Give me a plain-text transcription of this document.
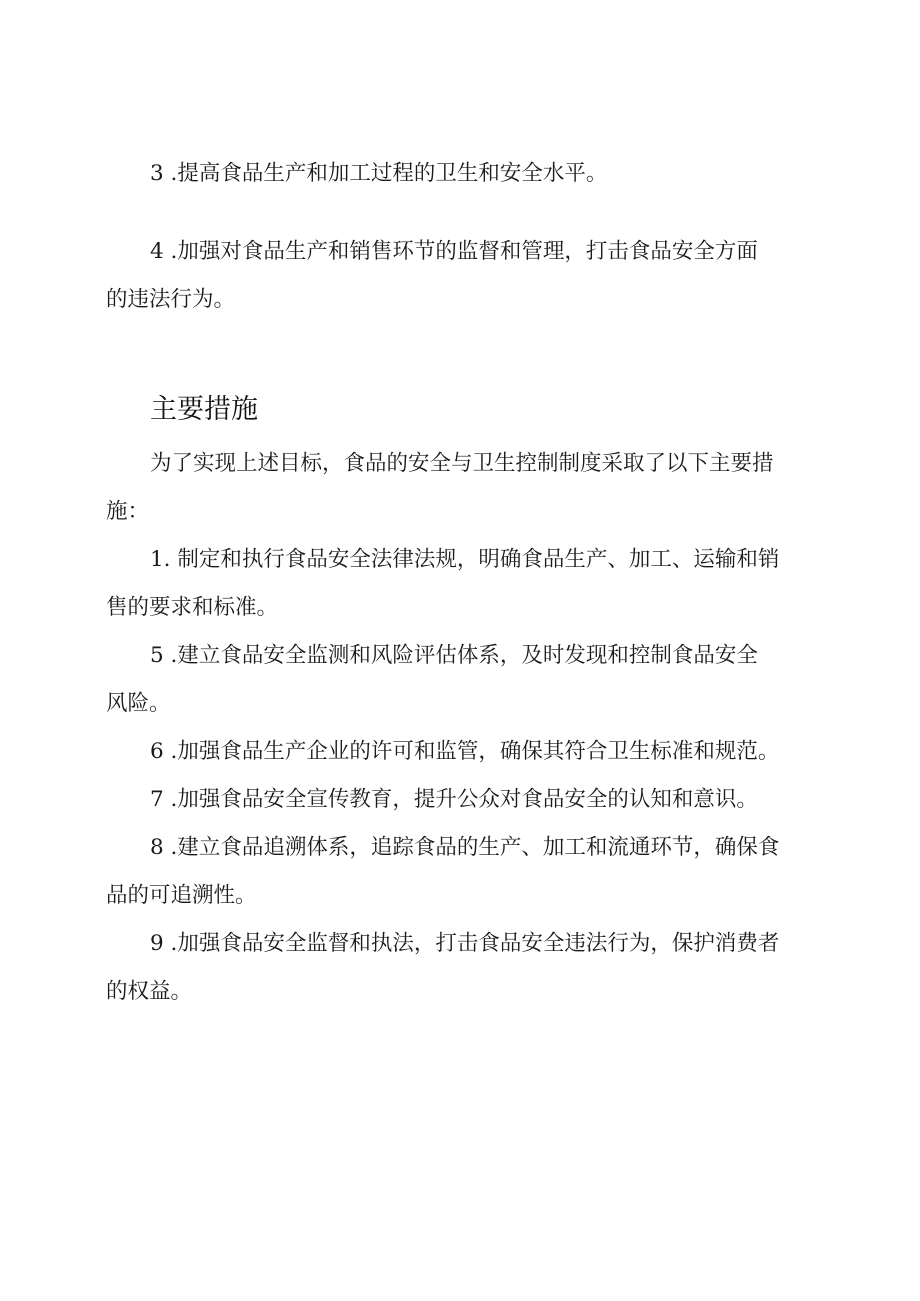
3 .提高食品生产和加工过程的卫生和安全水平。

4 .加强对食品生产和销售环节的监督和管理，打击食品安全方面
的违法行为。

主要措施

为了实现上述目标，食品的安全与卫生控制制度采取了以下主要措
施：

1. 制定和执行食品安全法律法规，明确食品生产、加工、运输和销
售的要求和标准。

5 .建立食品安全监测和风险评估体系，及时发现和控制食品安全
风险。

6 .加强食品生产企业的许可和监管，确保其符合卫生标准和规范。

7 .加强食品安全宣传教育，提升公众对食品安全的认知和意识。

8 .建立食品追溯体系，追踪食品的生产、加工和流通环节，确保食
品的可追溯性。

9 .加强食品安全监督和执法，打击食品安全违法行为，保护消费者
的权益。
